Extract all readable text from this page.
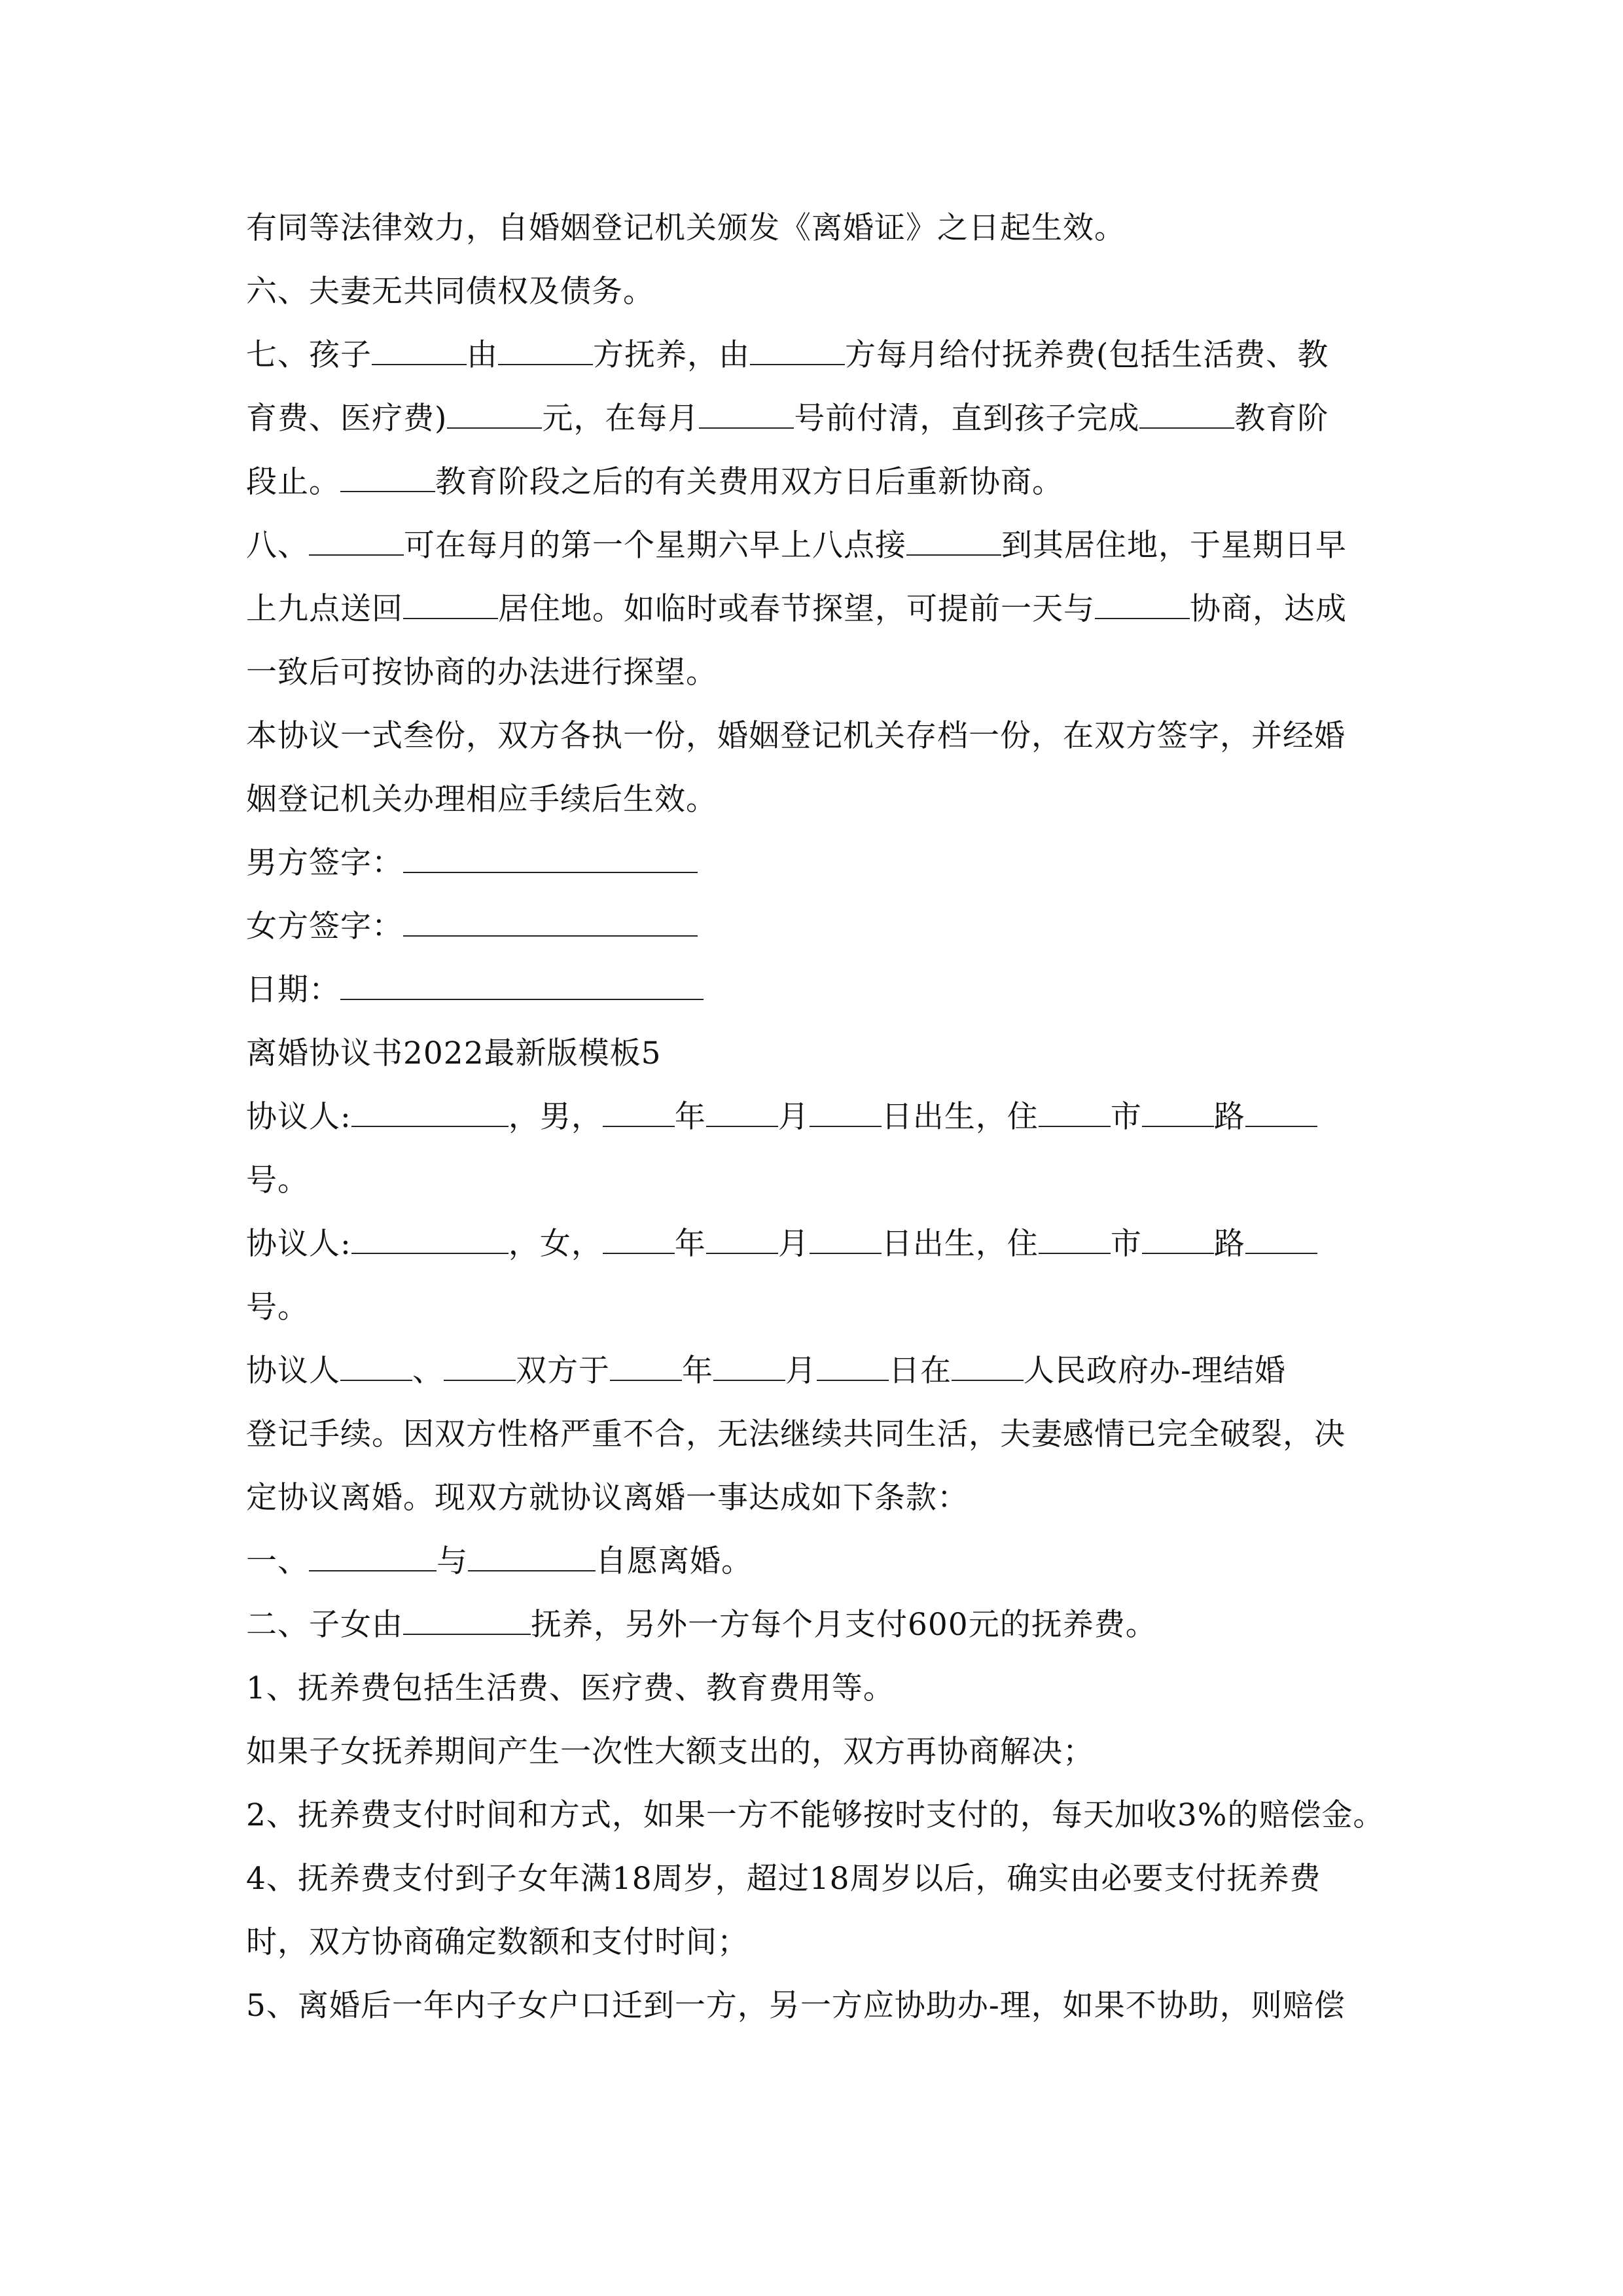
有同等法律效力，自婚姻登记机关颁发《离婚证》之日起生效。
六、夫妻无共同债权及债务。
七、孩子	由	方抚养，由	方每月给付抚养费(包括生活费、教
育费、医疗费)	元，在每月	号前付清，直到孩子完成	教育阶
段止。	教育阶段之后的有关费用双方日后重新协商。
八、	可在每月的第一个星期六早上八点接	到其居住地，于星期日早
上九点送回	居住地。如临时或春节探望，可提前一天与	协商，达成
一致后可按协商的办法进行探望。
本协议一式叁份，双方各执一份，婚姻登记机关存档一份，在双方签字，并经婚
姻登记机关办理相应手续后生效。
男方签字：
女方签字：
日期：
离婚协议书2022最新版模板5
协议人:	，男， 年 月 日出生，住 市 路
号。
协议人:	，女， 年 月 日出生，住 市 路
号。
协议人 、 双方于 年 月 日在 人民政府办-理结婚
登记手续。因双方性格严重不合，无法继续共同生活，夫妻感情已完全破裂，决
定协议离婚。现双方就协议离婚一事达成如下条款：
一、	与	自愿离婚。
二、子女由	抚养，另外一方每个月支付600元的抚养费。
1、抚养费包括生活费、医疗费、教育费用等。
如果子女抚养期间产生一次性大额支出的，双方再协商解决；
2、抚养费支付时间和方式，如果一方不能够按时支付的，每天加收3%的赔偿金。
4、抚养费支付到子女年满18周岁，超过18周岁以后，确实由必要支付抚养费
时，双方协商确定数额和支付时间；
5、离婚后一年内子女户口迁到一方，另一方应协助办-理，如果不协助，则赔偿
